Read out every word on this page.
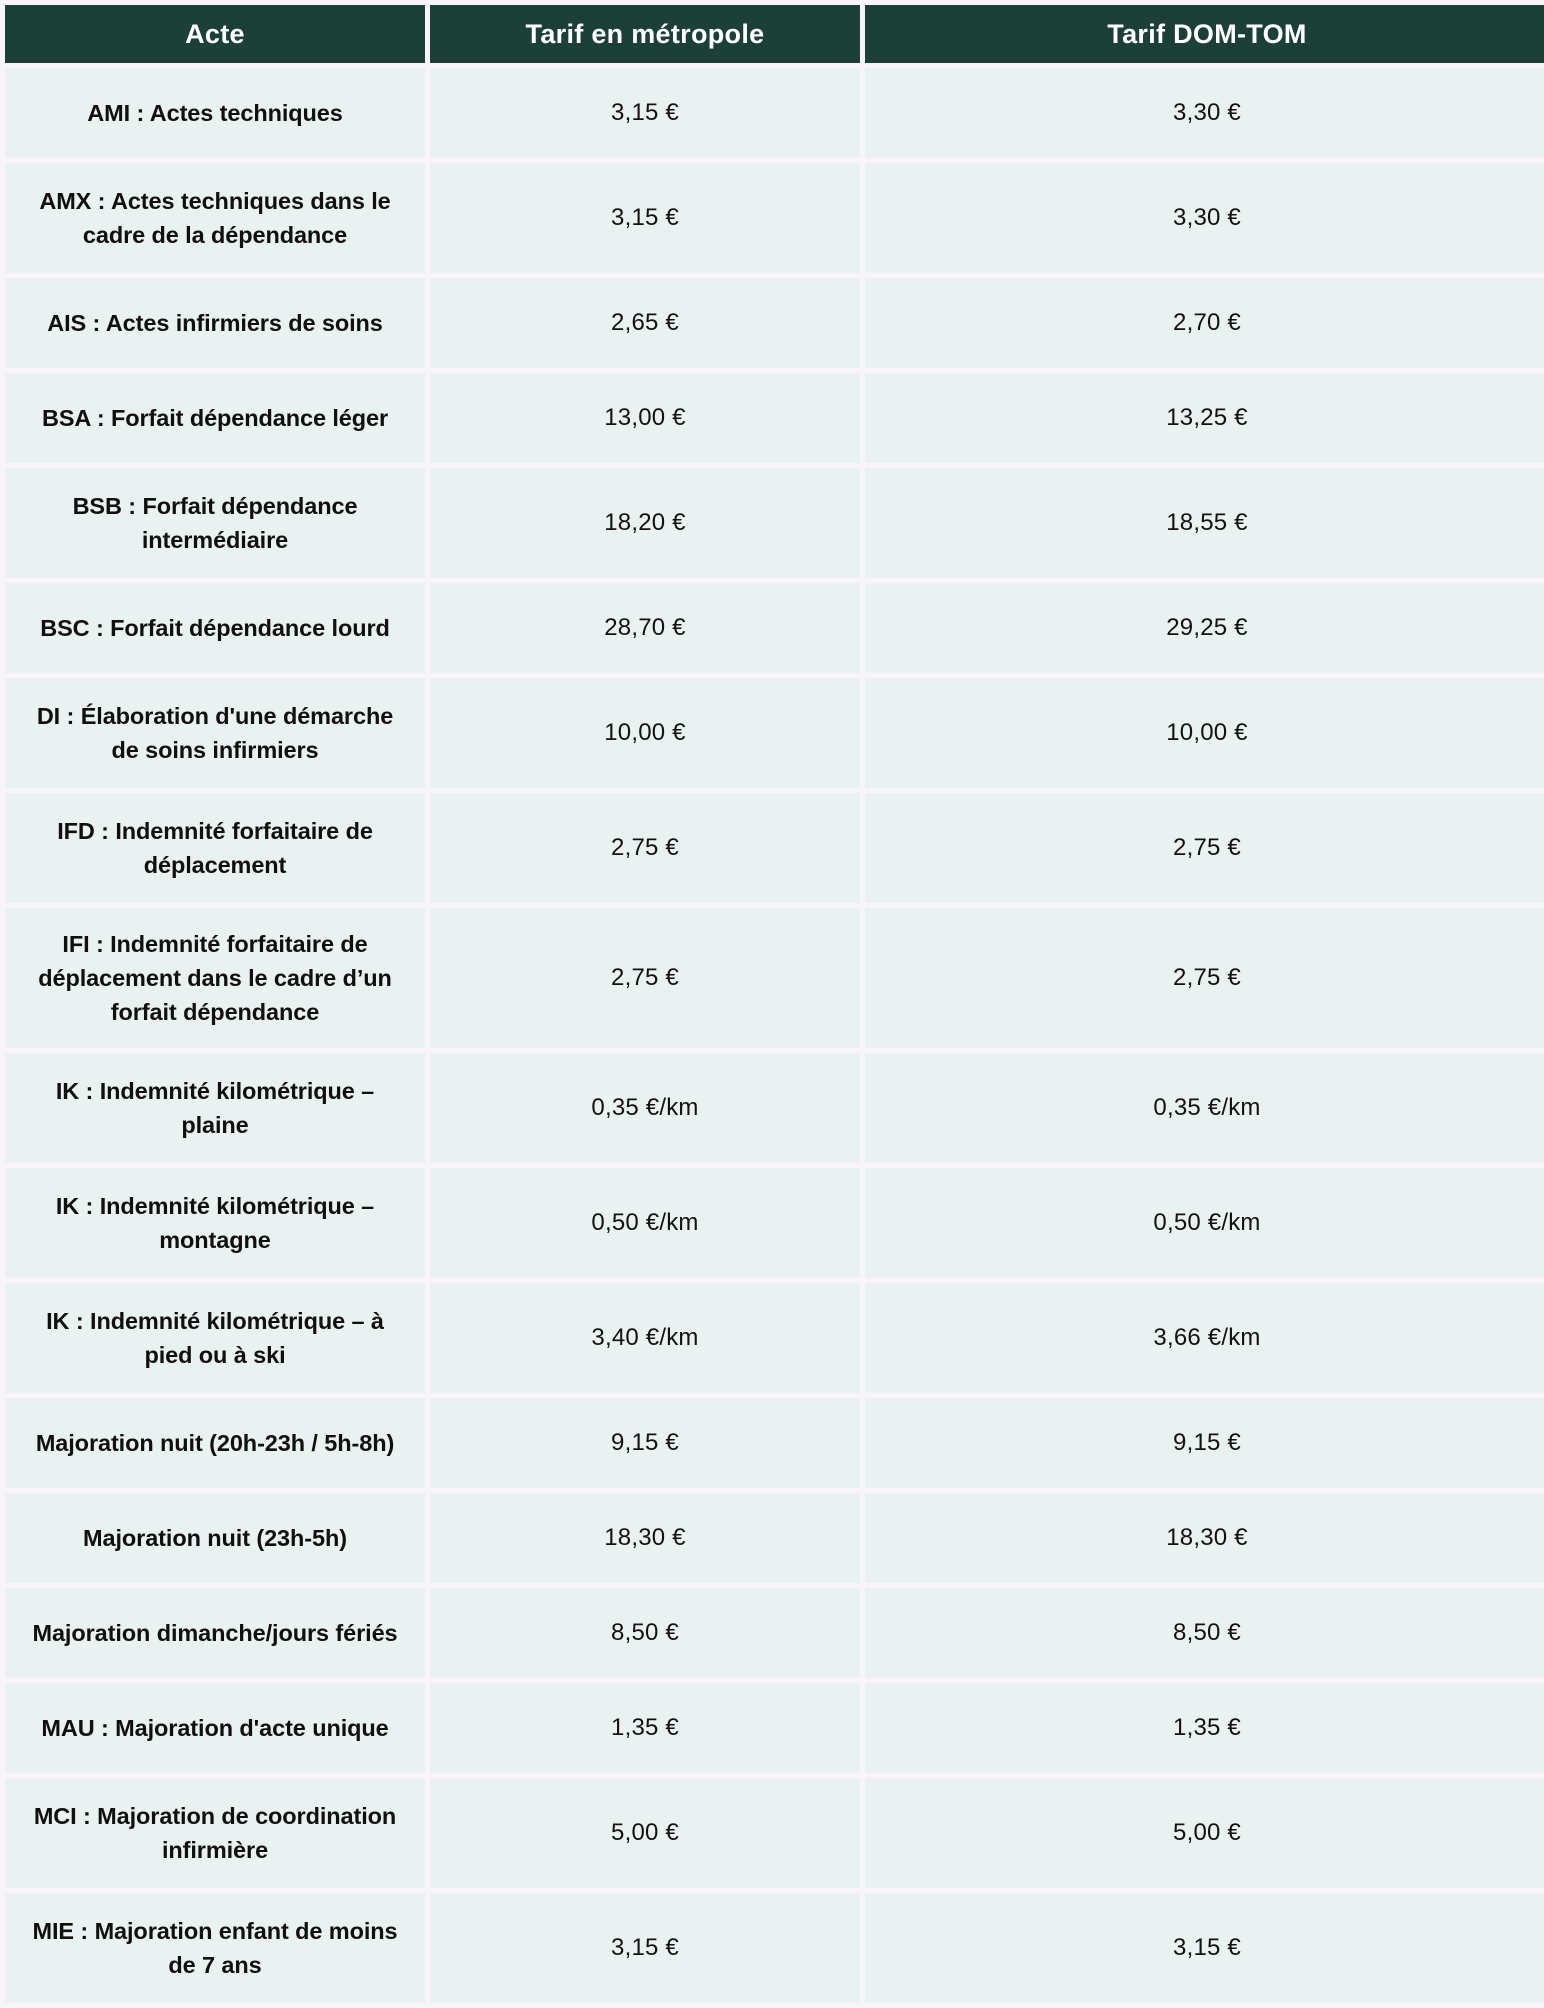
Acte	Tarif en métropole	Tarif DOM-TOM
AMI : Actes techniques	3,15 €	3,30 €
AMX : Actes techniques dans le cadre de la dépendance	3,15 €	3,30 €
AIS : Actes infirmiers de soins	2,65 €	2,70 €
BSA : Forfait dépendance léger	13,00 €	13,25 €
BSB : Forfait dépendance intermédiaire	18,20 €	18,55 €
BSC : Forfait dépendance lourd	28,70 €	29,25 €
DI : Élaboration d'une démarche de soins infirmiers	10,00 €	10,00 €
IFD : Indemnité forfaitaire de déplacement	2,75 €	2,75 €
IFI : Indemnité forfaitaire de déplacement dans le cadre d’un forfait dépendance	2,75 €	2,75 €
IK : Indemnité kilométrique – plaine	0,35 €/km	0,35 €/km
IK : Indemnité kilométrique – montagne	0,50 €/km	0,50 €/km
IK : Indemnité kilométrique – à pied ou à ski	3,40 €/km	3,66 €/km
Majoration nuit (20h-23h / 5h-8h)	9,15 €	9,15 €
Majoration nuit (23h-5h)	18,30 €	18,30 €
Majoration dimanche/jours fériés	8,50 €	8,50 €
MAU : Majoration d'acte unique	1,35 €	1,35 €
MCI : Majoration de coordination infirmière	5,00 €	5,00 €
MIE : Majoration enfant de moins de 7 ans	3,15 €	3,15 €
